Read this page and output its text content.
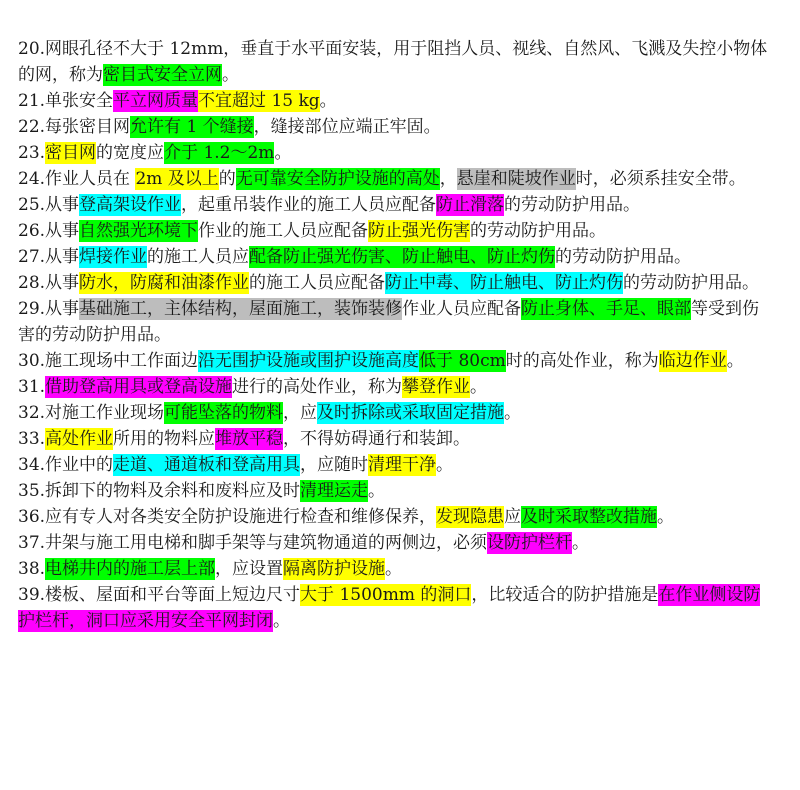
20.网眼孔径不大于 12mm，垂直于水平面安装，用于阻挡人员、视线、自然风、飞溅及失控小物体的网，称为密目式安全立网。

21.单张安全平立网质量不宜超过 15 kg。

22.每张密目网允许有 1 个缝接，缝接部位应端正牢固。

23.密目网的宽度应介于 1.2～2m。

24.作业人员在 2m 及以上的无可靠安全防护设施的高处，悬崖和陡坡作业时，必须系挂安全带。

25.从事登高架设作业，起重吊装作业的施工人员应配备防止滑落的劳动防护用品。

26.从事自然强光环境下作业的施工人员应配备防止强光伤害的劳动防护用品。

27.从事焊接作业的施工人员应配备防止强光伤害、防止触电、防止灼伤的劳动防护用品。

28.从事防水，防腐和油漆作业的施工人员应配备防止中毒、防止触电、防止灼伤的劳动防护用品。

29.从事基础施工，主体结构，屋面施工，装饰装修作业人员应配备防止身体、手足、眼部等受到伤害的劳动防护用品。

30.施工现场中工作面边沿无围护设施或围护设施高度低于 80cm时的高处作业，称为临边作业。

31.借助登高用具或登高设施进行的高处作业，称为攀登作业。

32.对施工作业现场可能坠落的物料，应及时拆除或采取固定措施。

33.高处作业所用的物料应堆放平稳，不得妨碍通行和装卸。

34.作业中的走道、通道板和登高用具，应随时清理干净。

35.拆卸下的物料及余料和废料应及时清理运走。

36.应有专人对各类安全防护设施进行检查和维修保养，发现隐患应及时采取整改措施。

37.井架与施工用电梯和脚手架等与建筑物通道的两侧边，必须设防护栏杆。

38.电梯井内的施工层上部，应设置隔离防护设施。

39.楼板、屋面和平台等面上短边尺寸大于 1500mm 的洞口，比较适合的防护措施是在作业侧设防护栏杆，洞口应采用安全平网封闭。
